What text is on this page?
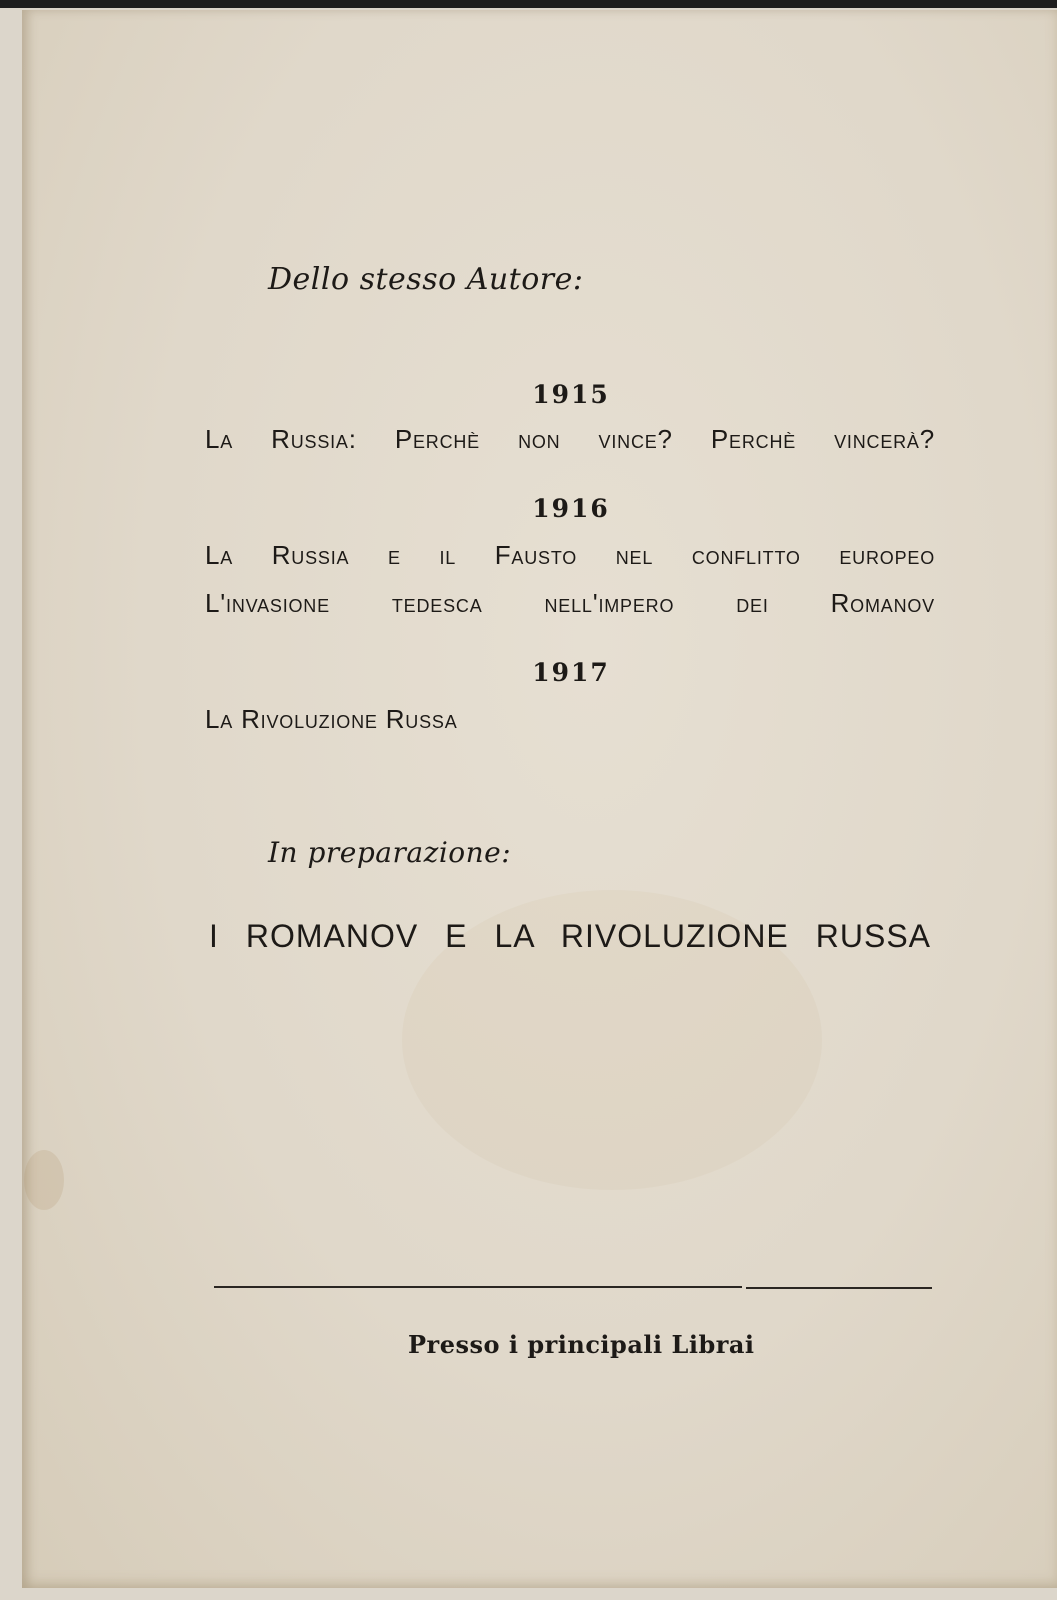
Dello stesso Autore:
1915
La Russia: Perchè non vince? Perchè vincerà?
1916
La Russia e il Fausto nel conflitto europeo
L'invasione tedesca nell'impero dei Romanov
1917
La Rivoluzione Russa
In preparazione:
I ROMANOV E LA RIVOLUZIONE RUSSA
Presso i principali Librai
